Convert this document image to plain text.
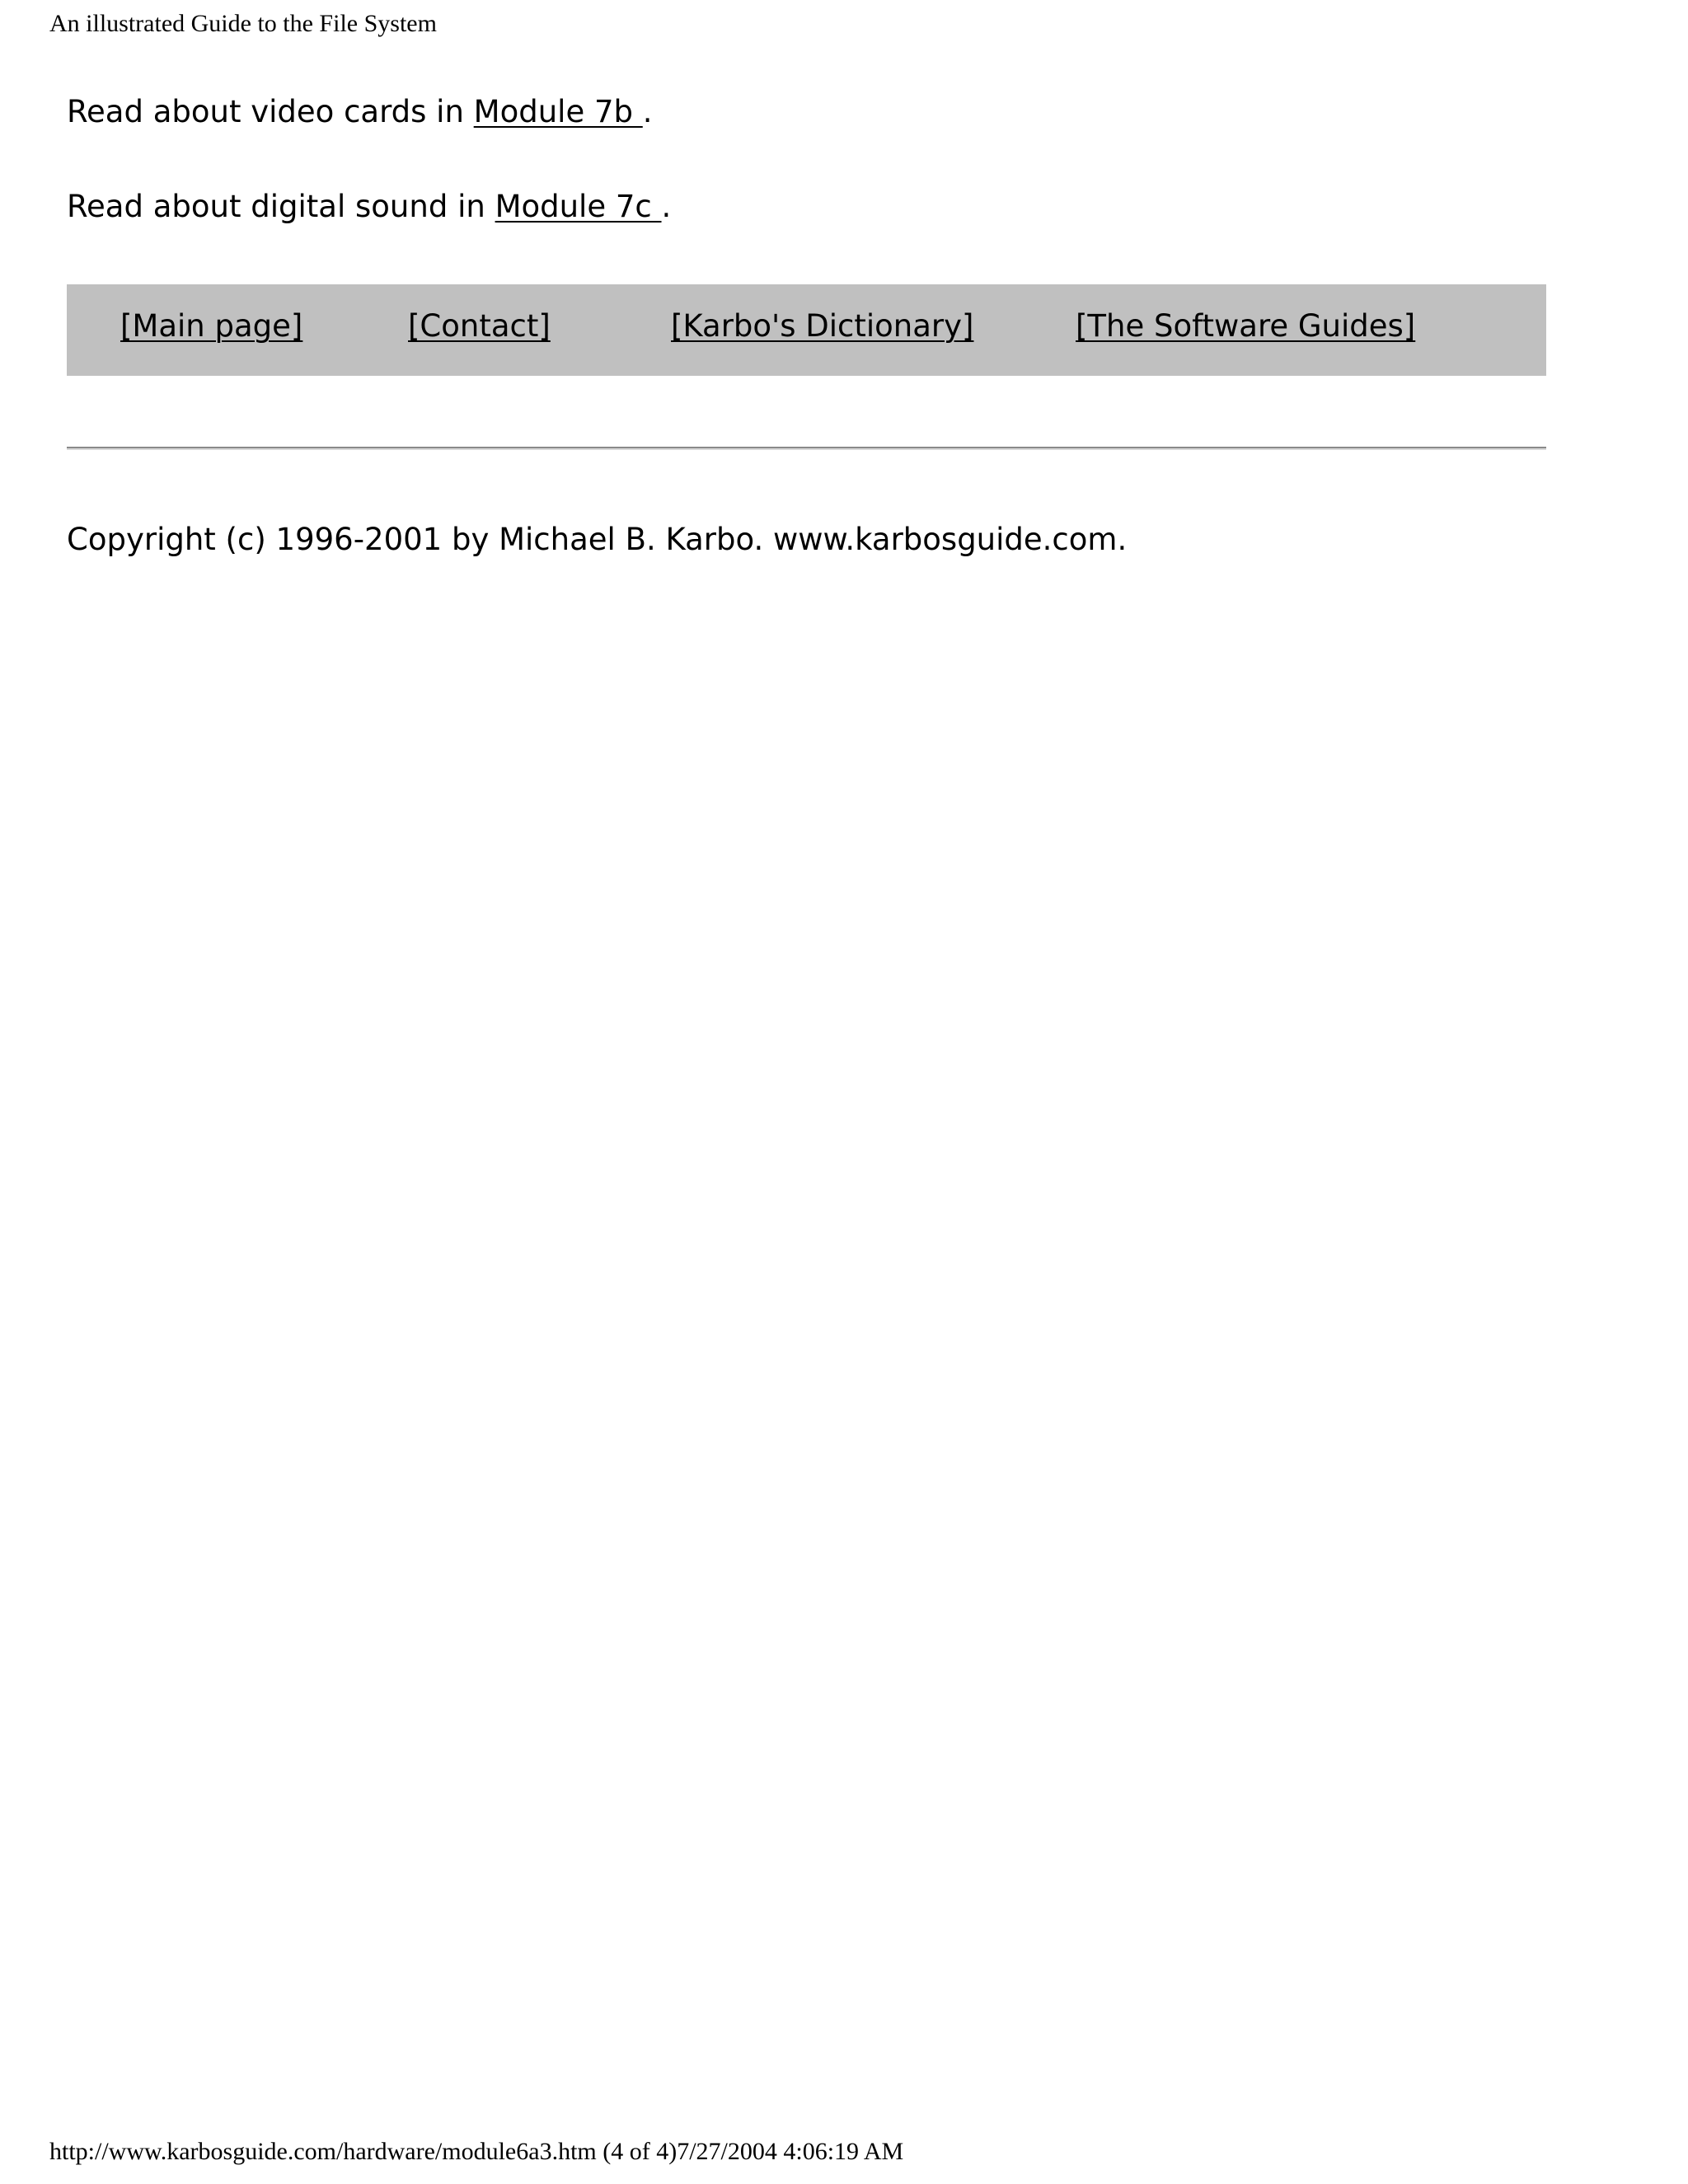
An illustrated Guide to the File System
Read about video cards in Module 7b .
Read about digital sound in Module 7c .
[Main page]	[Contact]	[Karbo's Dictionary]	[The Software Guides]
Copyright (c) 1996-2001 by Michael B. Karbo. www.karbosguide.com.
http://www.karbosguide.com/hardware/module6a3.htm (4 of 4)7/27/2004 4:06:19 AM
